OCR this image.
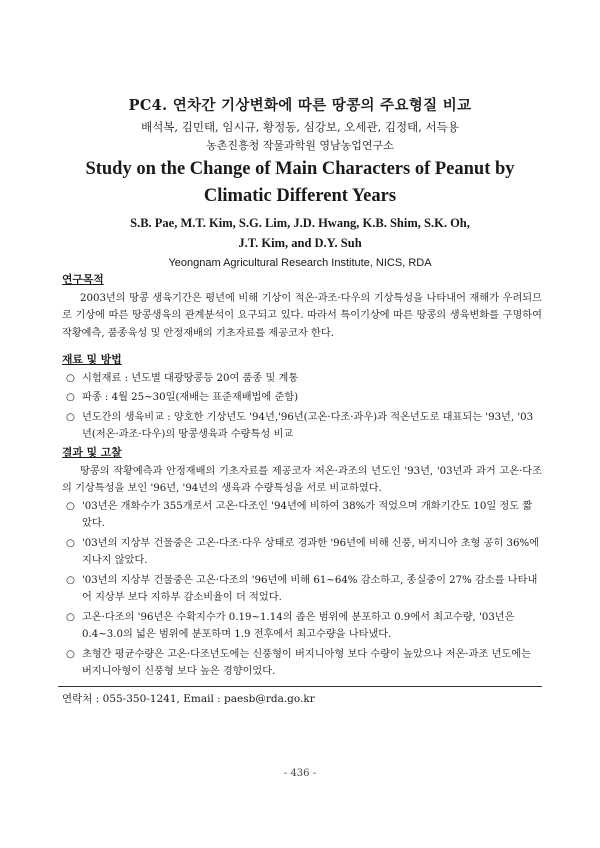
PC4. 연차간 기상변화에 따른 땅콩의 주요형질 비교

배석복, 김민태, 임시규, 황정동, 심강보, 오세관, 김정태, 서득용

농촌진흥청 작물과학원 영남농업연구소

Study on the Change of Main Characters of Peanut by

Climatic Different Years

S.B. Pae, M.T. Kim, S.G. Lim, J.D. Hwang, K.B. Shim, S.K. Oh,

J.T. Kim, and D.Y. Suh

Yeongnam Agricultural Research Institute, NICS, RDA

연구목적

2003년의 땅콩 생육기간은 평년에 비해 기상이 적온·과조·다우의 기상특성을 나타내어 재해가 우려되므로 기상에 따른 땅콩생육의 관계분석이 요구되고 있다. 따라서 특이기상에 따른 땅콩의 생육변화를 구명하여 작황예측, 품종육성 및 안정재배의 기초자료를 제공코자 한다.

재료 및 방법

○ 시험재료 : 년도별 대광땅콩등 20여 품종 및 계통
○ 파종 : 4월 25~30일(재배는 표준재배법에 준함)
○ 년도간의 생육비교 : 양호한 기상년도 '94년,'96년(고온·다조·과우)과 적온년도로 대표되는 '93년, '03년(저온·과조·다우)의 땅콩생육과 수량특성 비교

결과 및 고찰

땅콩의 작황예측과 안정재배의 기초자료를 제공코자 저온·과조의 년도인 '93년, '03년과 과거 고온·다조의 기상특성을 보인 '96년, '94년의 생육과 수량특성을 서로 비교하였다.

○ '03년은 개화수가 355개로서 고온·다조인 '94년에 비하여 38%가 적었으며 개화기간도 10일 정도 짧았다.
○ '03년의 지상부 건물중은 고온·다조·다우 상태로 경과한 '96년에 비해 신풍, 버지니아 초형 공히 36%에 지나지 않았다.
○ '03년의 지상부 건물중은 고온·다조의 '96년에 비해 61~64% 감소하고, 종실중이 27% 감소를 나타내어 지상부 보다 지하부 감소비율이 더 적었다.
○ 고온·다조의 '96년은 수확지수가 0.19~1.14의 좁은 범위에 분포하고 0.9에서 최고수량, '03년은 0.4~3.0의 넓은 범위에 분포하며 1.9 전후에서 최고수량을 나타냈다.
○ 초형간 평균수량은 고온·다조년도에는 신풍형이 버지니아형 보다 수량이 높았으나 저온·과조 년도에는 버지니아형이 신풍형 보다 높은 경향이었다.
연락처 : 055-350-1241, Email : paesb@rda.go.kr
- 436 -
